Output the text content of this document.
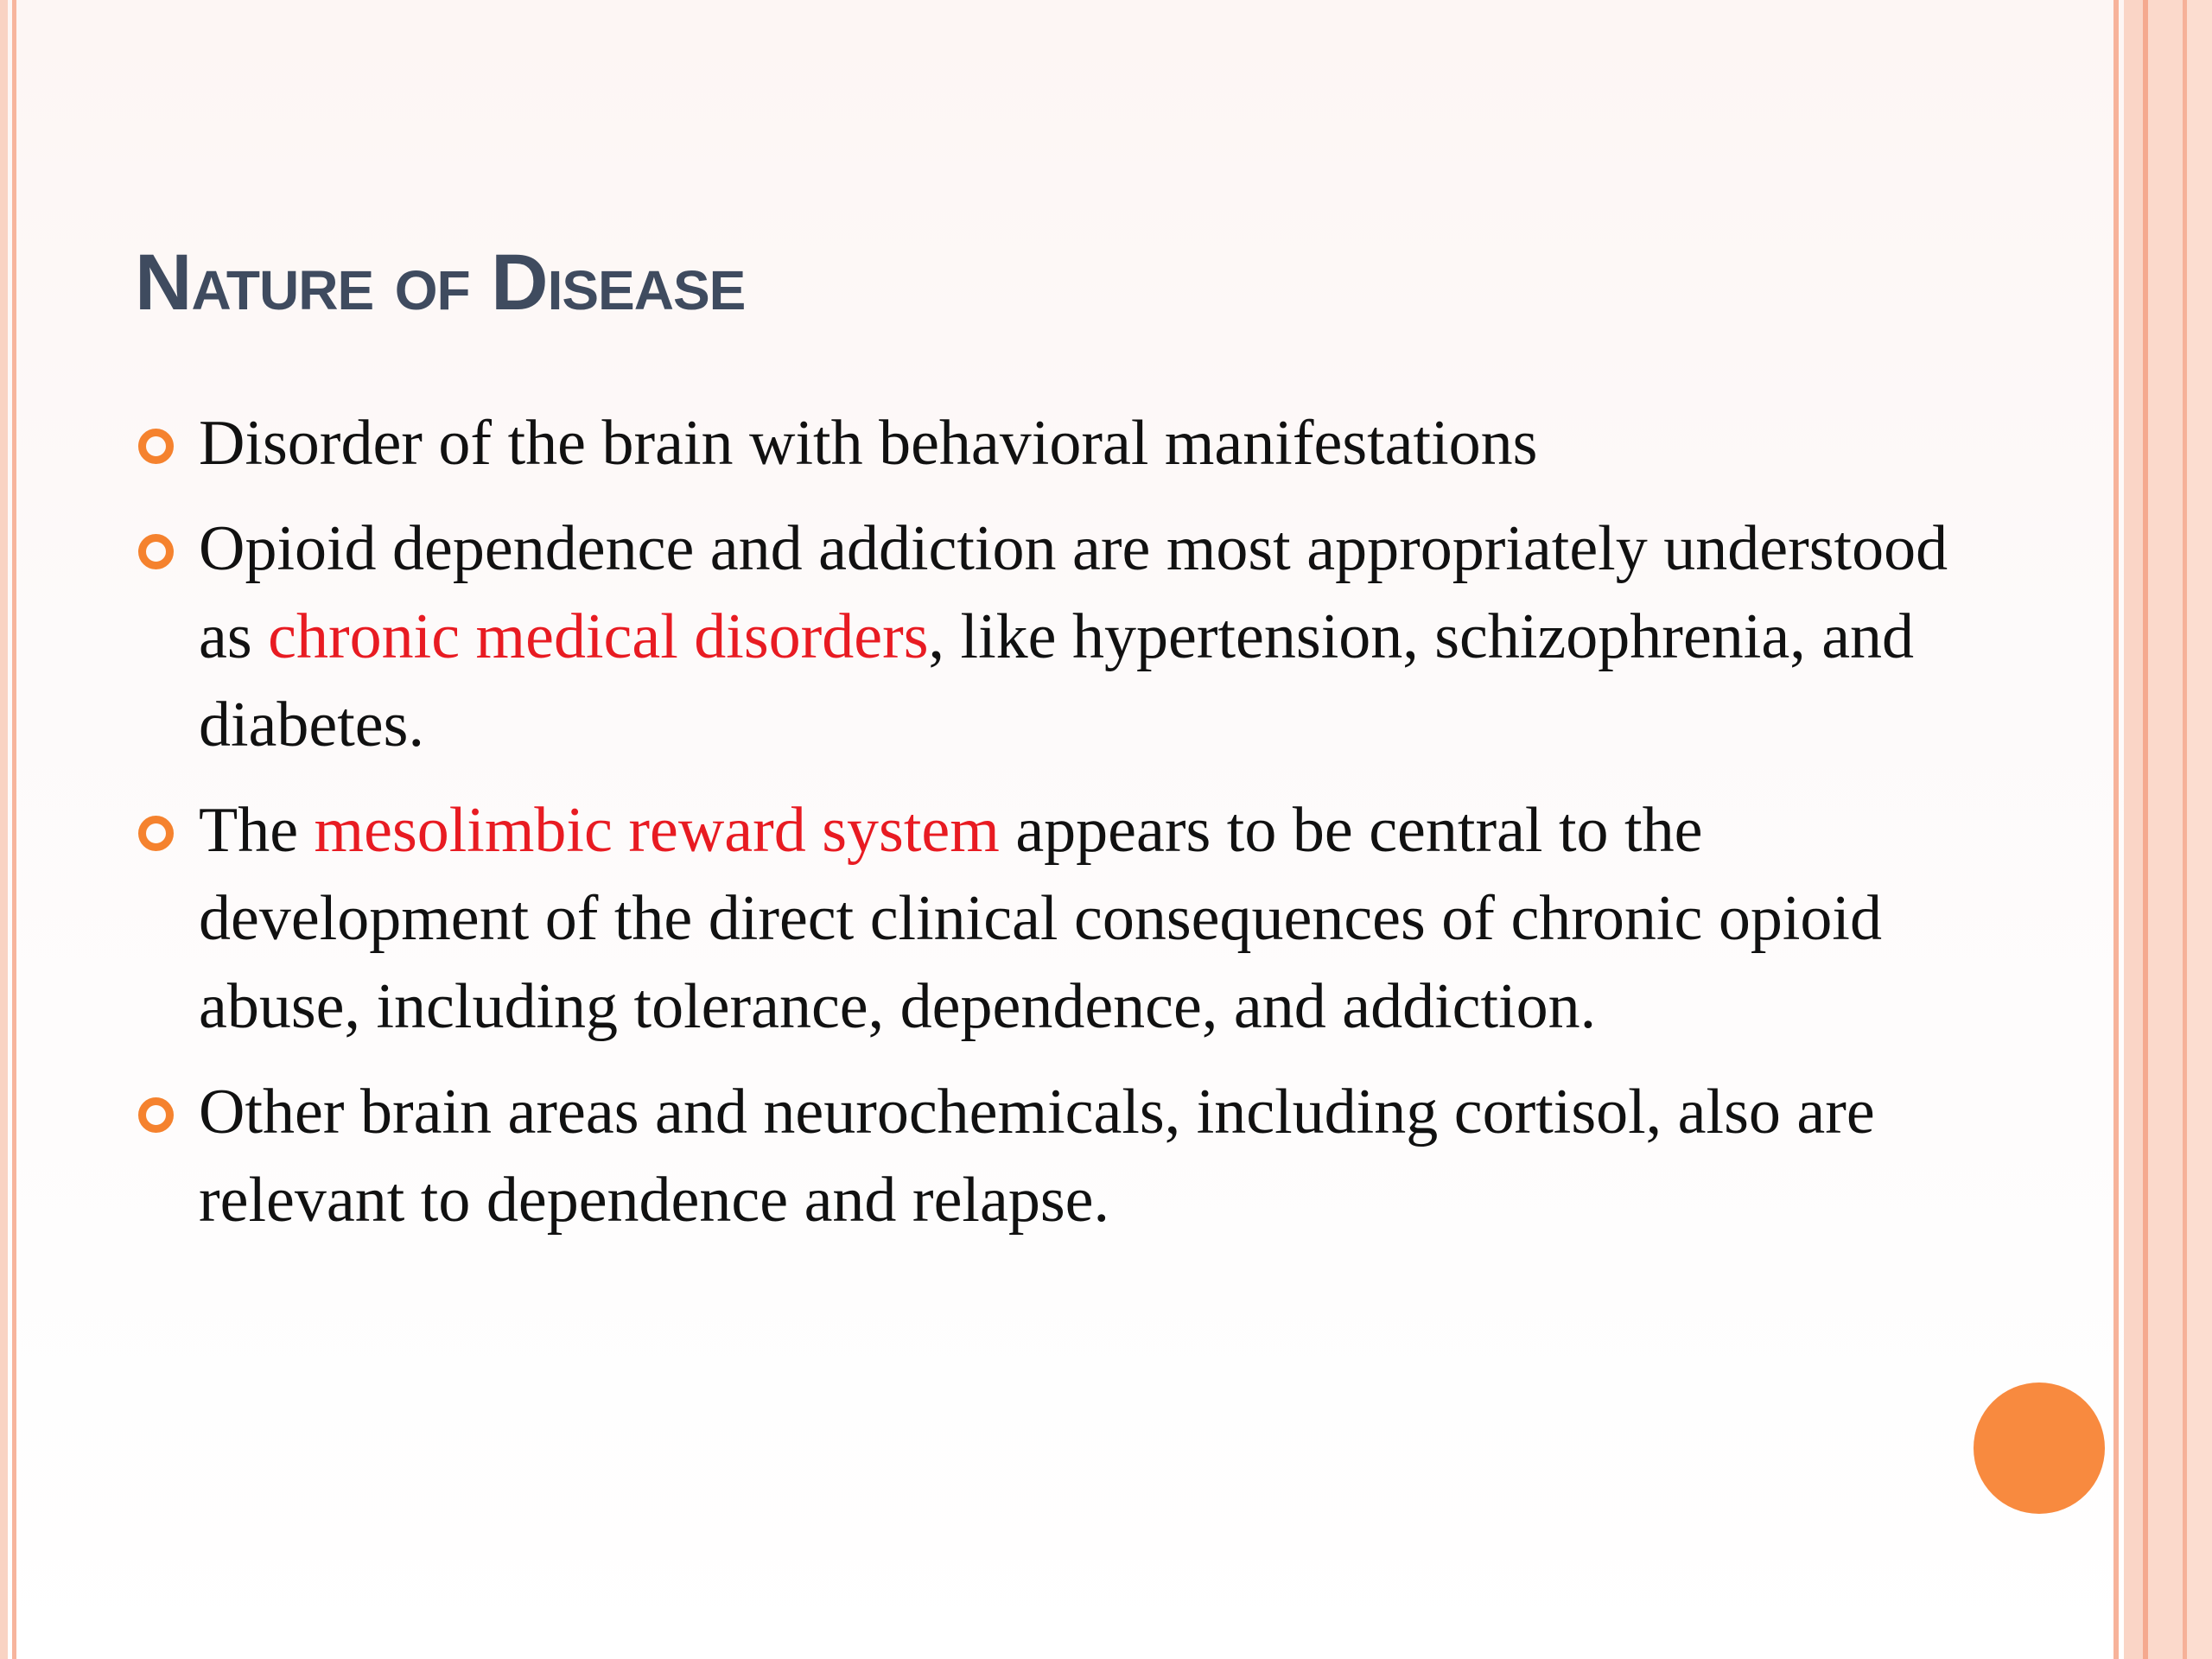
Nature of Disease
Disorder of the brain with behavioral manifestations
Opioid dependence and addiction are most appropriately understood as chronic medical disorders, like hypertension, schizophrenia, and diabetes.
The mesolimbic reward system appears to be central to the development of the direct clinical consequences of chronic opioid abuse, including tolerance, dependence, and addiction.
Other brain areas and neurochemicals, including cortisol, also are relevant to dependence and relapse.
